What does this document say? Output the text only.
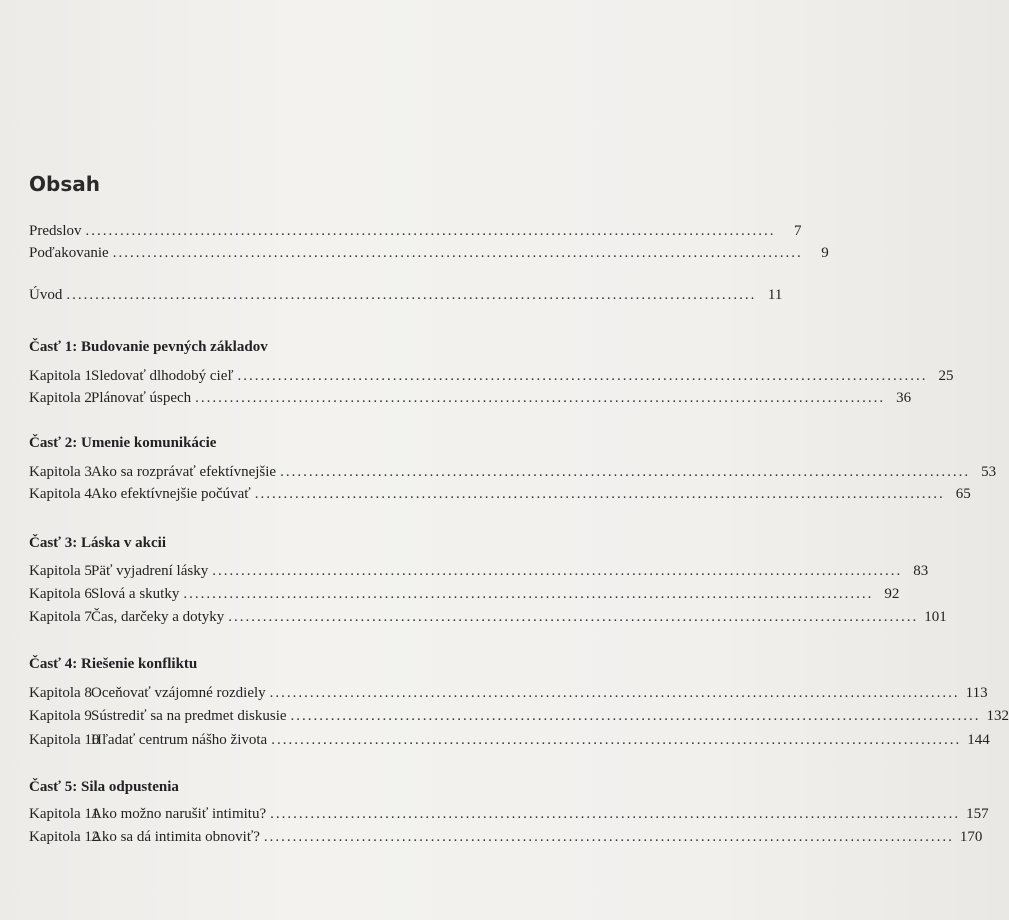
Obsah
Predslov ........................................................................................................................	7
Poďakovanie ........................................................................................................................	9
Úvod ........................................................................................................................ 11
Časť 1: Budovanie pevných základov
Kapitola 1 Sledovať dlhodobý cieľ ........................................................................................................................ 25
Kapitola 2 Plánovať úspech ........................................................................................................................ 36
Časť 2: Umenie komunikácie
Kapitola 3 Ako sa rozprávať efektívnejšie ........................................................................................................................ 53
Kapitola 4 Ako efektívnejšie počúvať ........................................................................................................................ 65
Časť 3: Láska v akcii
Kapitola 5 Päť vyjadrení lásky ........................................................................................................................ 83
Kapitola 6 Slová a skutky ........................................................................................................................ 92
Kapitola 7 Čas, darčeky a dotyky ........................................................................................................................ 101
Časť 4: Riešenie konfliktu
Kapitola 8 Oceňovať vzájomné rozdiely ........................................................................................................................ 113
Kapitola 9 Sústrediť sa na predmet diskusie ........................................................................................................................ 132
Kapitola 10
Hľadať centrum nášho života ........................................................................................................................ 144
Časť 5: Sila odpustenia
Kapitola 11
Ako možno narušiť intimitu? ........................................................................................................................ 157
Kapitola 12
Ako sa dá intimita obnoviť? ........................................................................................................................ 170
